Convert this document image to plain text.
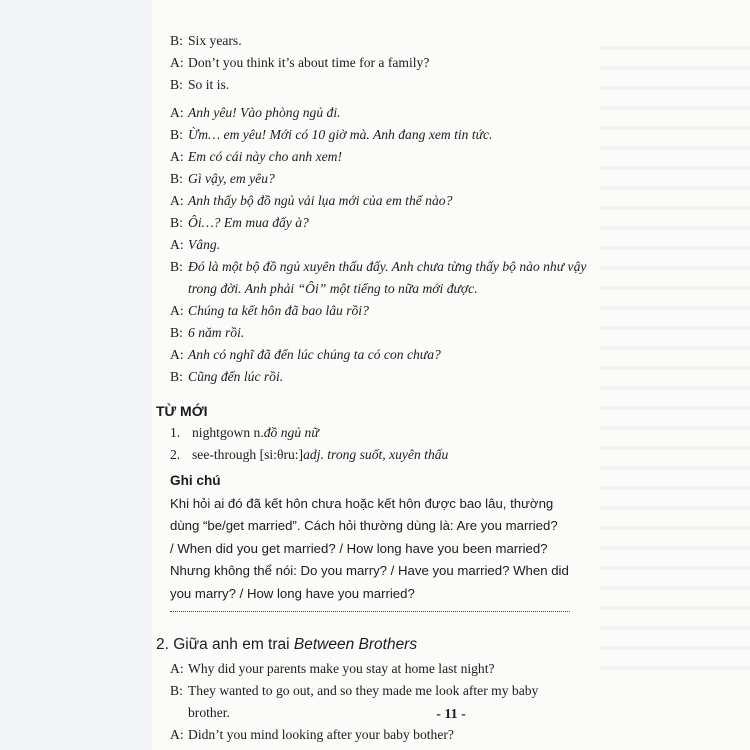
B: Six years.
A: Don’t you think it’s about time for a family?
B: So it is.
A: Anh yêu! Vào phòng ngủ đi.
B: Ừm… em yêu! Mới có 10 giờ mà. Anh đang xem tin tức.
A: Em có cái này cho anh xem!
B: Gì vậy, em yêu?
A: Anh thấy bộ đồ ngủ vải lụa mới của em thế nào?
B: Ôi…? Em mua đấy à?
A: Vâng.
B: Đó là một bộ đồ ngủ xuyên thấu đấy. Anh chưa từng thấy bộ nào như vậy
trong đời. Anh phải “Ôi” một tiếng to nữa mới được.
A: Chúng ta kết hôn đã bao lâu rồi?
B: 6 năm rồi.
A: Anh có nghĩ đã đến lúc chúng ta có con chưa?
B: Cũng đến lúc rồi.
TỪ MỚI
1. nightgown n. đồ ngủ nữ
2. see-through [si:θru:] adj. trong suốt, xuyên thấu
Ghi chú
Khi hỏi ai đó đã kết hôn chưa hoặc kết hôn được bao lâu, thường
dùng “be/get married”. Cách hỏi thường dùng là: Are you married?
/ When did you get married? / How long have you been married?
Nhưng không thể nói: Do you marry? / Have you married? When did
you marry? / How long have you married?
2. Giữa anh em trai Between Brothers
A: Why did your parents make you stay at home last night?
B: They wanted to go out, and so they made me look after my baby
brother.
A: Didn’t you mind looking after your baby bother?
- 11 -
